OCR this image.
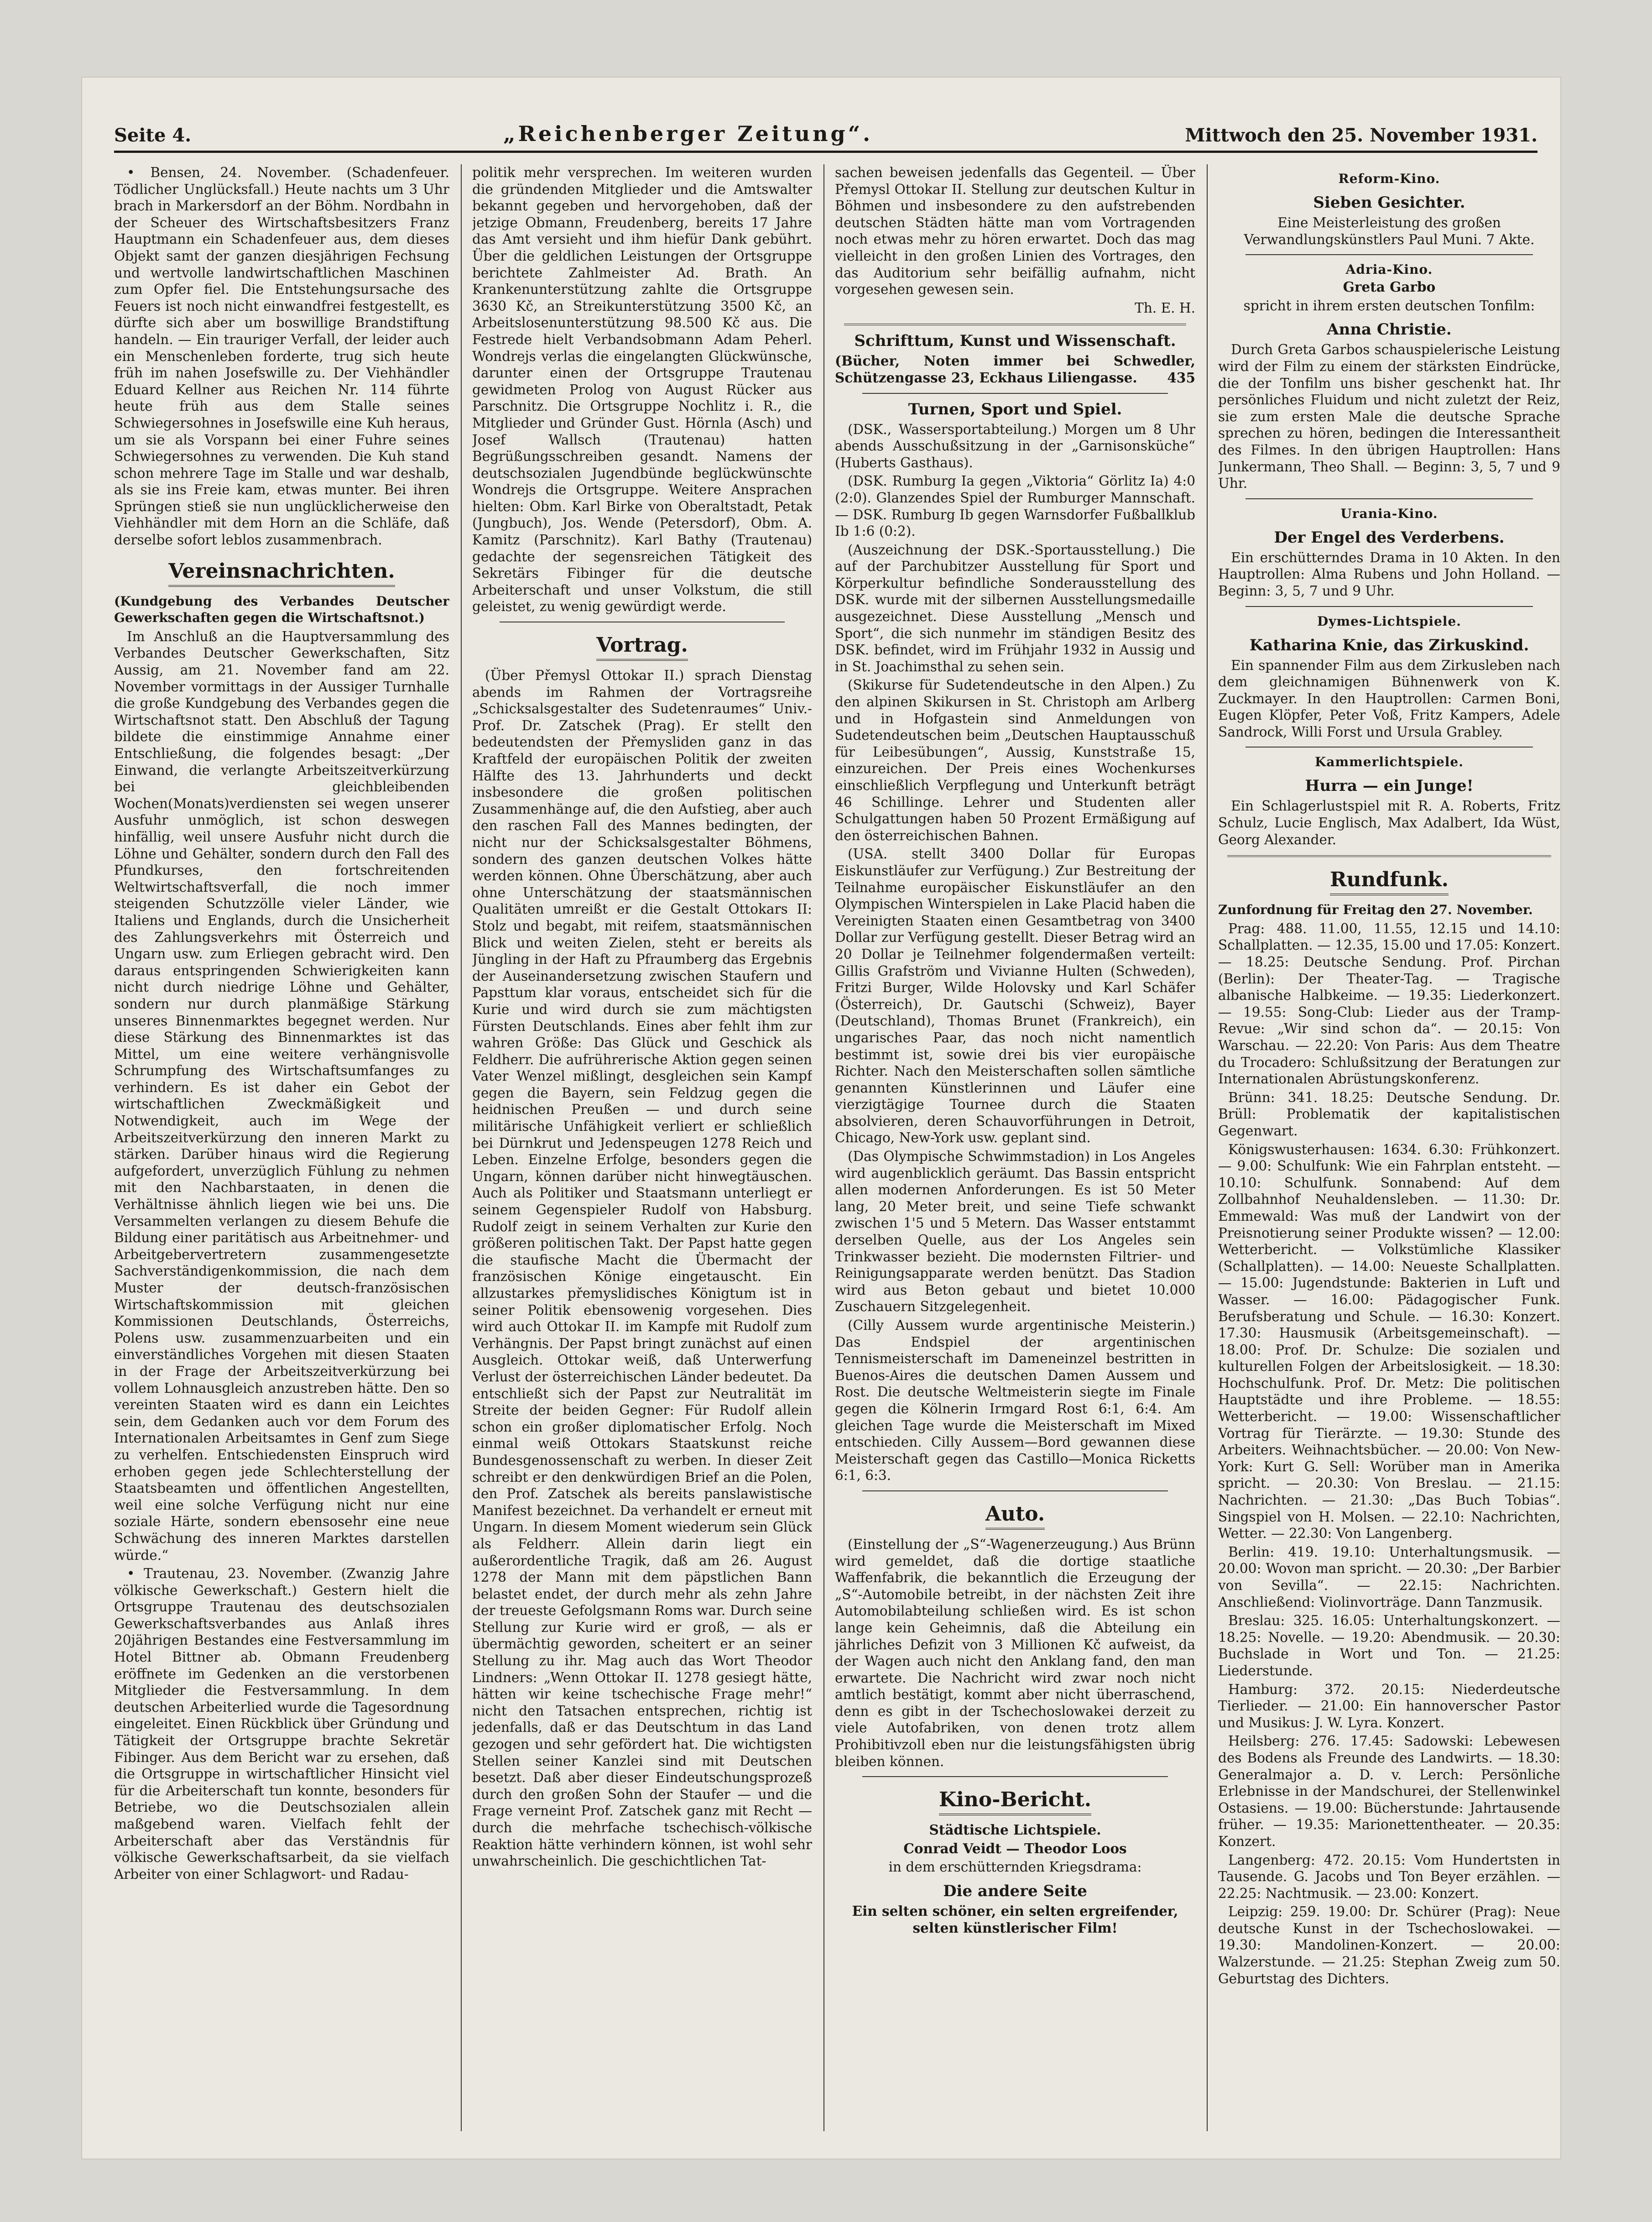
Seite 4.	„Reichenberger Zeitung“.	Mittwoch den 25. November 1931.

• Bensen, 24. November. (Schadenfeuer. Tödlicher Unglücksfall.) Heute nachts um 3 Uhr brach in Markersdorf an der Böhm. Nordbahn in der Scheuer des Wirtschaftsbesitzers Franz Hauptmann ein Schadenfeuer aus, dem dieses Objekt samt der ganzen diesjährigen Fechsung und wertvolle landwirtschaftlichen Maschinen zum Opfer fiel. Die Entstehungsursache des Feuers ist noch nicht einwandfrei festgestellt, es dürfte sich aber um boswillige Brandstiftung handeln. — Ein trauriger Verfall, der leider auch ein Menschenleben forderte, trug sich heute früh im nahen Josefswille zu. Der Viehhändler Eduard Kellner aus Reichen Nr. 114 führte heute früh aus dem Stalle seines Schwiegersohnes in Josefswille eine Kuh heraus, um sie als Vorspann bei einer Fuhre seines Schwiegersohnes zu verwenden. Die Kuh stand schon mehrere Tage im Stalle und war deshalb, als sie ins Freie kam, etwas munter. Bei ihren Sprüngen stieß sie nun unglücklicherweise den Viehhändler mit dem Horn an die Schläfe, daß derselbe sofort leblos zusammenbrach.

Vereinsnachrichten.

(Kundgebung des Verbandes Deutscher Gewerkschaften gegen die Wirtschaftsnot.)

Im Anschluß an die Hauptversammlung des Verbandes Deutscher Gewerkschaften, Sitz Aussig, am 21. November fand am 22. November vormittags in der Aussiger Turnhalle die große Kundgebung des Verbandes gegen die Wirtschaftsnot statt. Den Abschluß der Tagung bildete die einstimmige Annahme einer Entschließung, die folgendes besagt: „Der Einwand, die verlangte Arbeitszeitverkürzung bei gleichbleibenden Wochen(Monats)verdiensten sei wegen unserer Ausfuhr unmöglich, ist schon deswegen hinfällig, weil unsere Ausfuhr nicht durch die Löhne und Gehälter, sondern durch den Fall des Pfundkurses, den fortschreitenden Weltwirtschaftsverfall, die noch immer steigenden Schutzzölle vieler Länder, wie Italiens und Englands, durch die Unsicherheit des Zahlungsverkehrs mit Österreich und Ungarn usw. zum Erliegen gebracht wird. Den daraus entspringenden Schwierigkeiten kann nicht durch niedrige Löhne und Gehälter, sondern nur durch planmäßige Stärkung unseres Binnenmarktes begegnet werden. Nur diese Stärkung des Binnenmarktes ist das Mittel, um eine weitere verhängnisvolle Schrumpfung des Wirtschaftsumfanges zu verhindern. Es ist daher ein Gebot der wirtschaftlichen Zweckmäßigkeit und Notwendigkeit, auch im Wege der Arbeitszeitverkürzung den inneren Markt zu stärken. Darüber hinaus wird die Regierung aufgefordert, unverzüglich Fühlung zu nehmen mit den Nachbarstaaten, in denen die Verhältnisse ähnlich liegen wie bei uns. Die Versammelten verlangen zu diesem Behufe die Bildung einer paritätisch aus Arbeitnehmer- und Arbeitgebervertretern zusammengesetzte Sachverständigenkommission, die nach dem Muster der deutsch-französischen Wirtschaftskommission mit gleichen Kommissionen Deutschlands, Österreichs, Polens usw. zusammenzuarbeiten und ein einverständliches Vorgehen mit diesen Staaten in der Frage der Arbeitszeitverkürzung bei vollem Lohnausgleich anzustreben hätte. Den so vereinten Staaten wird es dann ein Leichtes sein, dem Gedanken auch vor dem Forum des Internationalen Arbeitsamtes in Genf zum Siege zu verhelfen. Entschiedensten Einspruch wird erhoben gegen jede Schlechterstellung der Staatsbeamten und öffentlichen Angestellten, weil eine solche Verfügung nicht nur eine soziale Härte, sondern ebensosehr eine neue Schwächung des inneren Marktes darstellen würde.“

• Trautenau, 23. November. (Zwanzig Jahre völkische Gewerkschaft.) Gestern hielt die Ortsgruppe Trautenau des deutschsozialen Gewerkschaftsverbandes aus Anlaß ihres 20jährigen Bestandes eine Festversammlung im Hotel Bittner ab. Obmann Freudenberg eröffnete im Gedenken an die verstorbenen Mitglieder die Festversammlung. In dem deutschen Arbeiterlied wurde die Tagesordnung eingeleitet. Einen Rückblick über Gründung und Tätigkeit der Ortsgruppe brachte Sekretär Fibinger. Aus dem Bericht war zu ersehen, daß die Ortsgruppe in wirtschaftlicher Hinsicht viel für die Arbeiterschaft tun konnte, besonders für Betriebe, wo die Deutschsozialen allein maßgebend waren. Vielfach fehlt der Arbeiterschaft aber das Verständnis für völkische Gewerkschaftsarbeit, da sie vielfach Arbeiter von einer Schlagwort- und Radau-

politik mehr versprechen. Im weiteren wurden die gründenden Mitglieder und die Amtswalter bekannt gegeben und hervorgehoben, daß der jetzige Obmann, Freudenberg, bereits 17 Jahre das Amt versieht und ihm hiefür Dank gebührt. Über die geldlichen Leistungen der Ortsgruppe berichtete Zahlmeister Ad. Brath. An Krankenunterstützung zahlte die Ortsgruppe 3630 Kč, an Streikunterstützung 3500 Kč, an Arbeitslosenunterstützung 98.500 Kč aus. Die Festrede hielt Verbandsobmann Adam Peherl. Wondrejs verlas die eingelangten Glückwünsche, darunter einen der Ortsgruppe Trautenau gewidmeten Prolog von August Rücker aus Parschnitz. Die Ortsgruppe Nochlitz i. R., die Mitglieder und Gründer Gust. Hörnla (Asch) und Josef Wallsch (Trautenau) hatten Begrüßungsschreiben gesandt. Namens der deutschsozialen Jugendbünde beglückwünschte Wondrejs die Ortsgruppe. Weitere Ansprachen hielten: Obm. Karl Birke von Oberaltstadt, Petak (Jungbuch), Jos. Wende (Petersdorf), Obm. A. Kamitz (Parschnitz). Karl Bathy (Trautenau) gedachte der segensreichen Tätigkeit des Sekretärs Fibinger für die deutsche Arbeiterschaft und unser Volkstum, die still geleistet, zu wenig gewürdigt werde.

Vortrag.

(Über Přemysl Ottokar II.) sprach Dienstag abends im Rahmen der Vortragsreihe „Schicksalsgestalter des Sudetenraumes“ Univ.-Prof. Dr. Zatschek (Prag). Er stellt den bedeutendsten der Přemysliden ganz in das Kraftfeld der europäischen Politik der zweiten Hälfte des 13. Jahrhunderts und deckt insbesondere die großen politischen Zusammenhänge auf, die den Aufstieg, aber auch den raschen Fall des Mannes bedingten, der nicht nur der Schicksalsgestalter Böhmens, sondern des ganzen deutschen Volkes hätte werden können. Ohne Überschätzung, aber auch ohne Unterschätzung der staatsmännischen Qualitäten umreißt er die Gestalt Ottokars II: Stolz und begabt, mit reifem, staatsmännischen Blick und weiten Zielen, steht er bereits als Jüngling in der Haft zu Pfraumberg das Ergebnis der Auseinandersetzung zwischen Staufern und Papsttum klar voraus, entscheidet sich für die Kurie und wird durch sie zum mächtigsten Fürsten Deutschlands. Eines aber fehlt ihm zur wahren Größe: Das Glück und Geschick als Feldherr. Die aufrührerische Aktion gegen seinen Vater Wenzel mißlingt, desgleichen sein Kampf gegen die Bayern, sein Feldzug gegen die heidnischen Preußen — und durch seine militärische Unfähigkeit verliert er schließlich bei Dürnkrut und Jedenspeugen 1278 Reich und Leben. Einzelne Erfolge, besonders gegen die Ungarn, können darüber nicht hinwegtäuschen. Auch als Politiker und Staatsmann unterliegt er seinem Gegenspieler Rudolf von Habsburg. Rudolf zeigt in seinem Verhalten zur Kurie den größeren politischen Takt. Der Papst hatte gegen die staufische Macht die Übermacht der französischen Könige eingetauscht. Ein allzustarkes přemyslidisches Königtum ist in seiner Politik ebensowenig vorgesehen. Dies wird auch Ottokar II. im Kampfe mit Rudolf zum Verhängnis. Der Papst bringt zunächst auf einen Ausgleich. Ottokar weiß, daß Unterwerfung Verlust der österreichischen Länder bedeutet. Da entschließt sich der Papst zur Neutralität im Streite der beiden Gegner: Für Rudolf allein schon ein großer diplomatischer Erfolg. Noch einmal weiß Ottokars Staatskunst reiche Bundesgenossenschaft zu werben. In dieser Zeit schreibt er den denkwürdigen Brief an die Polen, den Prof. Zatschek als bereits panslawistische Manifest bezeichnet. Da verhandelt er erneut mit Ungarn. In diesem Moment wiederum sein Glück als Feldherr. Allein darin liegt ein außerordentliche Tragik, daß am 26. August 1278 der Mann mit dem päpstlichen Bann belastet endet, der durch mehr als zehn Jahre der treueste Gefolgsmann Roms war. Durch seine Stellung zur Kurie wird er groß, — als er übermächtig geworden, scheitert er an seiner Stellung zu ihr. Mag auch das Wort Theodor Lindners: „Wenn Ottokar II. 1278 gesiegt hätte, hätten wir keine tschechische Frage mehr!“ nicht den Tatsachen entsprechen, richtig ist jedenfalls, daß er das Deutschtum in das Land gezogen und sehr gefördert hat. Die wichtigsten Stellen seiner Kanzlei sind mit Deutschen besetzt. Daß aber dieser Eindeutschungsprozeß durch den großen Sohn der Staufer — und die Frage verneint Prof. Zatschek ganz mit Recht — durch die mehrfache tschechisch-völkische Reaktion hätte verhindern können, ist wohl sehr unwahrscheinlich. Die geschichtlichen Tat-

sachen beweisen jedenfalls das Gegenteil. — Über Přemysl Ottokar II. Stellung zur deutschen Kultur in Böhmen und insbesondere zu den aufstrebenden deutschen Städten hätte man vom Vortragenden noch etwas mehr zu hören erwartet. Doch das mag vielleicht in den großen Linien des Vortrages, den das Auditorium sehr beifällig aufnahm, nicht vorgesehen gewesen sein.

Th. E. H.

Schrifttum, Kunst und Wissenschaft.

(Bücher, Noten immer bei Schwedler, Schützengasse 23, Eckhaus Liliengasse. 435

Turnen, Sport und Spiel.

(DSK., Wassersportabteilung.) Morgen um 8 Uhr abends Ausschußsitzung in der „Garnisonsküche“ (Huberts Gasthaus).

(DSK. Rumburg Ia gegen „Viktoria“ Görlitz Ia) 4:0 (2:0). Glanzendes Spiel der Rumburger Mannschaft. — DSK. Rumburg Ib gegen Warnsdorfer Fußballklub Ib 1:6 (0:2).

(Auszeichnung der DSK.-Sportausstellung.) Die auf der Parchubitzer Ausstellung für Sport und Körperkultur befindliche Sonderausstellung des DSK. wurde mit der silbernen Ausstellungsmedaille ausgezeichnet. Diese Ausstellung „Mensch und Sport“, die sich nunmehr im ständigen Besitz des DSK. befindet, wird im Frühjahr 1932 in Aussig und in St. Joachimsthal zu sehen sein.

(Skikurse für Sudetendeutsche in den Alpen.) Zu den alpinen Skikursen in St. Christoph am Arlberg und in Hofgastein sind Anmeldungen von Sudetendeutschen beim „Deutschen Hauptausschuß für Leibesübungen“, Aussig, Kunststraße 15, einzureichen. Der Preis eines Wochenkurses einschließlich Verpflegung und Unterkunft beträgt 46 Schillinge. Lehrer und Studenten aller Schulgattungen haben 50 Prozent Ermäßigung auf den österreichischen Bahnen.

(USA. stellt 3400 Dollar für Europas Eiskunstläufer zur Verfügung.) Zur Bestreitung der Teilnahme europäischer Eiskunstläufer an den Olympischen Winterspielen in Lake Placid haben die Vereinigten Staaten einen Gesamtbetrag von 3400 Dollar zur Verfügung gestellt. Dieser Betrag wird an 20 Dollar je Teilnehmer folgendermaßen verteilt: Gillis Grafström und Vivianne Hulten (Schweden), Fritzi Burger, Wilde Holovsky und Karl Schäfer (Österreich), Dr. Gautschi (Schweiz), Bayer (Deutschland), Thomas Brunet (Frankreich), ein ungarisches Paar, das noch nicht namentlich bestimmt ist, sowie drei bis vier europäische Richter. Nach den Meisterschaften sollen sämtliche genannten Künstlerinnen und Läufer eine vierzigtägige Tournee durch die Staaten absolvieren, deren Schauvorführungen in Detroit, Chicago, New-York usw. geplant sind.

(Das Olympische Schwimmstadion) in Los Angeles wird augenblicklich geräumt. Das Bassin entspricht allen modernen Anforderungen. Es ist 50 Meter lang, 20 Meter breit, und seine Tiefe schwankt zwischen 1'5 und 5 Metern. Das Wasser entstammt derselben Quelle, aus der Los Angeles sein Trinkwasser bezieht. Die modernsten Filtrier- und Reinigungsapparate werden benützt. Das Stadion wird aus Beton gebaut und bietet 10.000 Zuschauern Sitzgelegenheit.

(Cilly Aussem wurde argentinische Meisterin.) Das Endspiel der argentinischen Tennismeisterschaft im Dameneinzel bestritten in Buenos-Aires die deutschen Damen Aussem und Rost. Die deutsche Weltmeisterin siegte im Finale gegen die Kölnerin Irmgard Rost 6:1, 6:4. Am gleichen Tage wurde die Meisterschaft im Mixed entschieden. Cilly Aussem—Bord gewannen diese Meisterschaft gegen das Castillo—Monica Ricketts 6:1, 6:3.

Auto.

(Einstellung der „S“-Wagenerzeugung.) Aus Brünn wird gemeldet, daß die dortige staatliche Waffenfabrik, die bekanntlich die Erzeugung der „S“-Automobile betreibt, in der nächsten Zeit ihre Automobilabteilung schließen wird. Es ist schon lange kein Geheimnis, daß die Abteilung ein jährliches Defizit von 3 Millionen Kč aufweist, da der Wagen auch nicht den Anklang fand, den man erwartete. Die Nachricht wird zwar noch nicht amtlich bestätigt, kommt aber nicht überraschend, denn es gibt in der Tschechoslowakei derzeit zu viele Autofabriken, von denen trotz allem Prohibitivzoll eben nur die leistungsfähigsten übrig bleiben können.

Kino-Bericht.

Städtische Lichtspiele.

Conrad Veidt — Theodor Loos

in dem erschütternden Kriegsdrama:

Die andere Seite

Ein selten schöner, ein selten ergreifender, selten künstlerischer Film!

Reform-Kino.
Sieben Gesichter.

Eine Meisterleistung des großen Verwandlungskünstlers Paul Muni. 7 Akte.

Adria-Kino.

Greta Garbo

spricht in ihrem ersten deutschen Tonfilm:

Anna Christie.

Durch Greta Garbos schauspielerische Leistung wird der Film zu einem der stärksten Eindrücke, die der Tonfilm uns bisher geschenkt hat. Ihr persönliches Fluidum und nicht zuletzt der Reiz, sie zum ersten Male die deutsche Sprache sprechen zu hören, bedingen die Interessantheit des Filmes. In den übrigen Hauptrollen: Hans Junkermann, Theo Shall. — Beginn: 3, 5, 7 und 9 Uhr.

Urania-Kino.
Der Engel des Verderbens.

Ein erschütterndes Drama in 10 Akten. In den Hauptrollen: Alma Rubens und John Holland. — Beginn: 3, 5, 7 und 9 Uhr.

Dymes-Lichtspiele.
Katharina Knie, das Zirkuskind.

Ein spannender Film aus dem Zirkusleben nach dem gleichnamigen Bühnenwerk von K. Zuckmayer. In den Hauptrollen: Carmen Boni, Eugen Klöpfer, Peter Voß, Fritz Kampers, Adele Sandrock, Willi Forst und Ursula Grabley.

Kammerlichtspiele.
Hurra — ein Junge!

Ein Schlagerlustspiel mit R. A. Roberts, Fritz Schulz, Lucie Englisch, Max Adalbert, Ida Wüst, Georg Alexander.

Rundfunk.

Zunfordnung für Freitag den 27. November.

Prag: 488. 11.00, 11.55, 12.15 und 14.10: Schallplatten. — 12.35, 15.00 und 17.05: Konzert. — 18.25: Deutsche Sendung. Prof. Pirchan (Berlin): Der Theater-Tag. — Tragische albanische Halbkeime. — 19.35: Liederkonzert. — 19.55: Song-Club: Lieder aus der Tramp-Revue: „Wir sind schon da“. — 20.15: Von Warschau. — 22.20: Von Paris: Aus dem Theatre du Trocadero: Schlußsitzung der Beratungen zur Internationalen Abrüstungskonferenz.

Brünn: 341. 18.25: Deutsche Sendung. Dr. Brüll: Problematik der kapitalistischen Gegenwart.

Königswusterhausen: 1634. 6.30: Frühkonzert. — 9.00: Schulfunk: Wie ein Fahrplan entsteht. — 10.10: Schulfunk. Sonnabend: Auf dem Zollbahnhof Neuhaldensleben. — 11.30: Dr. Emmewald: Was muß der Landwirt von der Preisnotierung seiner Produkte wissen? — 12.00: Wetterbericht. — Volkstümliche Klassiker (Schallplatten). — 14.00: Neueste Schallplatten. — 15.00: Jugendstunde: Bakterien in Luft und Wasser. — 16.00: Pädagogischer Funk. Berufsberatung und Schule. — 16.30: Konzert. 17.30: Hausmusik (Arbeitsgemeinschaft). — 18.00: Prof. Dr. Schulze: Die sozialen und kulturellen Folgen der Arbeitslosigkeit. — 18.30: Hochschulfunk. Prof. Dr. Metz: Die politischen Hauptstädte und ihre Probleme. — 18.55: Wetterbericht. — 19.00: Wissenschaftlicher Vortrag für Tierärzte. — 19.30: Stunde des Arbeiters. Weihnachtsbücher. — 20.00: Von New-York: Kurt G. Sell: Worüber man in Amerika spricht. — 20.30: Von Breslau. — 21.15: Nachrichten. — 21.30: „Das Buch Tobias“. Singspiel von H. Molsen. — 22.10: Nachrichten, Wetter. — 22.30: Von Langenberg.

Berlin: 419. 19.10: Unterhaltungsmusik. — 20.00: Wovon man spricht. — 20.30: „Der Barbier von Sevilla“. — 22.15: Nachrichten. Anschließend: Violinvorträge. Dann Tanzmusik.

Breslau: 325. 16.05: Unterhaltungskonzert. — 18.25: Novelle. — 19.20: Abendmusik. — 20.30: Buchslade in Wort und Ton. — 21.25: Liederstunde.

Hamburg: 372. 20.15: Niederdeutsche Tierlieder. — 21.00: Ein hannoverscher Pastor und Musikus: J. W. Lyra. Konzert.

Heilsberg: 276. 17.45: Sadowski: Lebewesen des Bodens als Freunde des Landwirts. — 18.30: Generalmajor a. D. v. Lerch: Persönliche Erlebnisse in der Mandschurei, der Stellenwinkel Ostasiens. — 19.00: Bücherstunde: Jahrtausende früher. — 19.35: Marionettentheater. — 20.35: Konzert.

Langenberg: 472. 20.15: Vom Hundertsten in Tausende. G. Jacobs und Ton Beyer erzählen. — 22.25: Nachtmusik. — 23.00: Konzert.

Leipzig: 259. 19.00: Dr. Schürer (Prag): Neue deutsche Kunst in der Tschechoslowakei. — 19.30: Mandolinen-Konzert. — 20.00: Walzerstunde. — 21.25: Stephan Zweig zum 50. Geburtstag des Dichters.
